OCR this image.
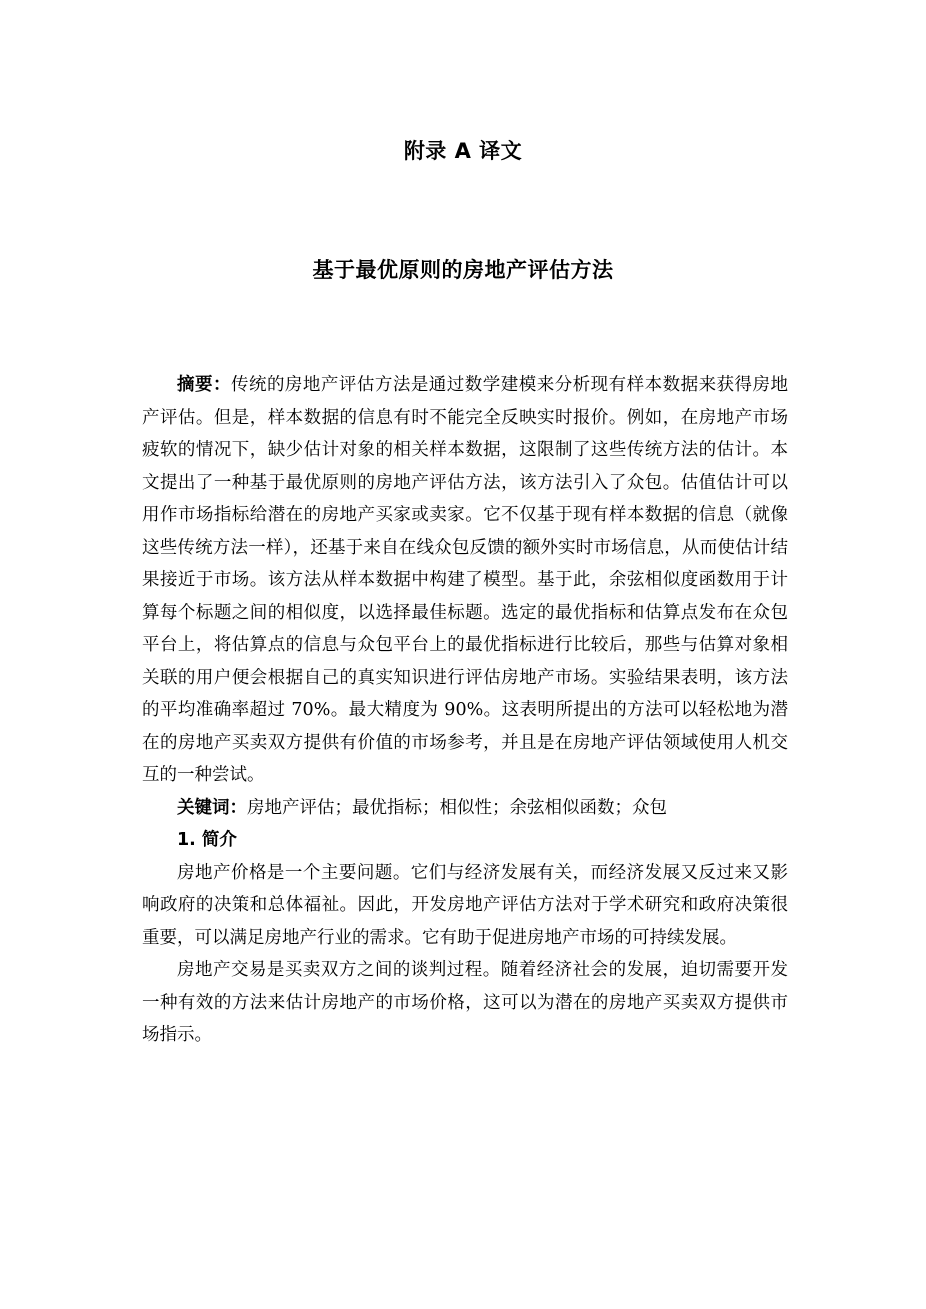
附录 A 译文
基于最优原则的房地产评估方法

摘要：传统的房地产评估方法是通过数学建模来分析现有样本数据来获得房地产评估。但是，样本数据的信息有时不能完全反映实时报价。例如，在房地产市场疲软的情况下，缺少估计对象的相关样本数据，这限制了这些传统方法的估计。本文提出了一种基于最优原则的房地产评估方法，该方法引入了众包。估值估计可以用作市场指标给潜在的房地产买家或卖家。它不仅基于现有样本数据的信息（就像这些传统方法一样），还基于来自在线众包反馈的额外实时市场信息，从而使估计结果接近于市场。该方法从样本数据中构建了模型。基于此，余弦相似度函数用于计算每个标题之间的相似度，以选择最佳标题。选定的最优指标和估算点发布在众包平台上，将估算点的信息与众包平台上的最优指标进行比较后，那些与估算对象相关联的用户便会根据自己的真实知识进行评估房地产市场。实验结果表明，该方法的平均准确率超过 70%。最大精度为 90%。这表明所提出的方法可以轻松地为潜在的房地产买卖双方提供有价值的市场参考，并且是在房地产评估领域使用人机交互的一种尝试。

关键词：房地产评估；最优指标；相似性；余弦相似函数；众包

1. 简介

房地产价格是一个主要问题。它们与经济发展有关，而经济发展又反过来又影响政府的决策和总体福祉。因此，开发房地产评估方法对于学术研究和政府决策很重要，可以满足房地产行业的需求。它有助于促进房地产市场的可持续发展。

房地产交易是买卖双方之间的谈判过程。随着经济社会的发展，迫切需要开发一种有效的方法来估计房地产的市场价格，这可以为潜在的房地产买卖双方提供市场指示。
